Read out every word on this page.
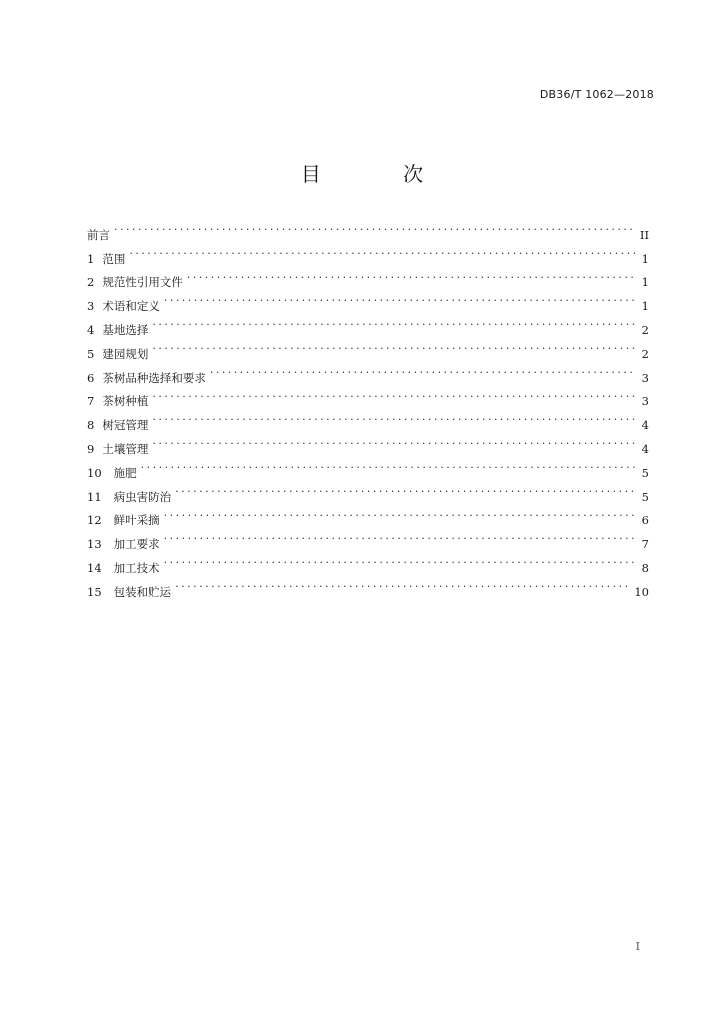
DB36/T 1062—2018
目 次
前言 . . .	II
1 范围 . . .	1
2 规范性引用文件 . . .	1
3 术语和定义 . . .	1
4 基地选择 . . .	2
5 建园规划 . . .	2
6 茶树品种选择和要求 . . .	3
7 茶树种植 . . .	3
8 树冠管理 . . .	4
9 土壤管理 . . .	4
10 施肥 . . .	5
11 病虫害防治 . . .	5
12 鲜叶采摘 . . .	6
13 加工要求 . . .	7
14 加工技术 . . .	8
15 包装和贮运 . . .	10
I
